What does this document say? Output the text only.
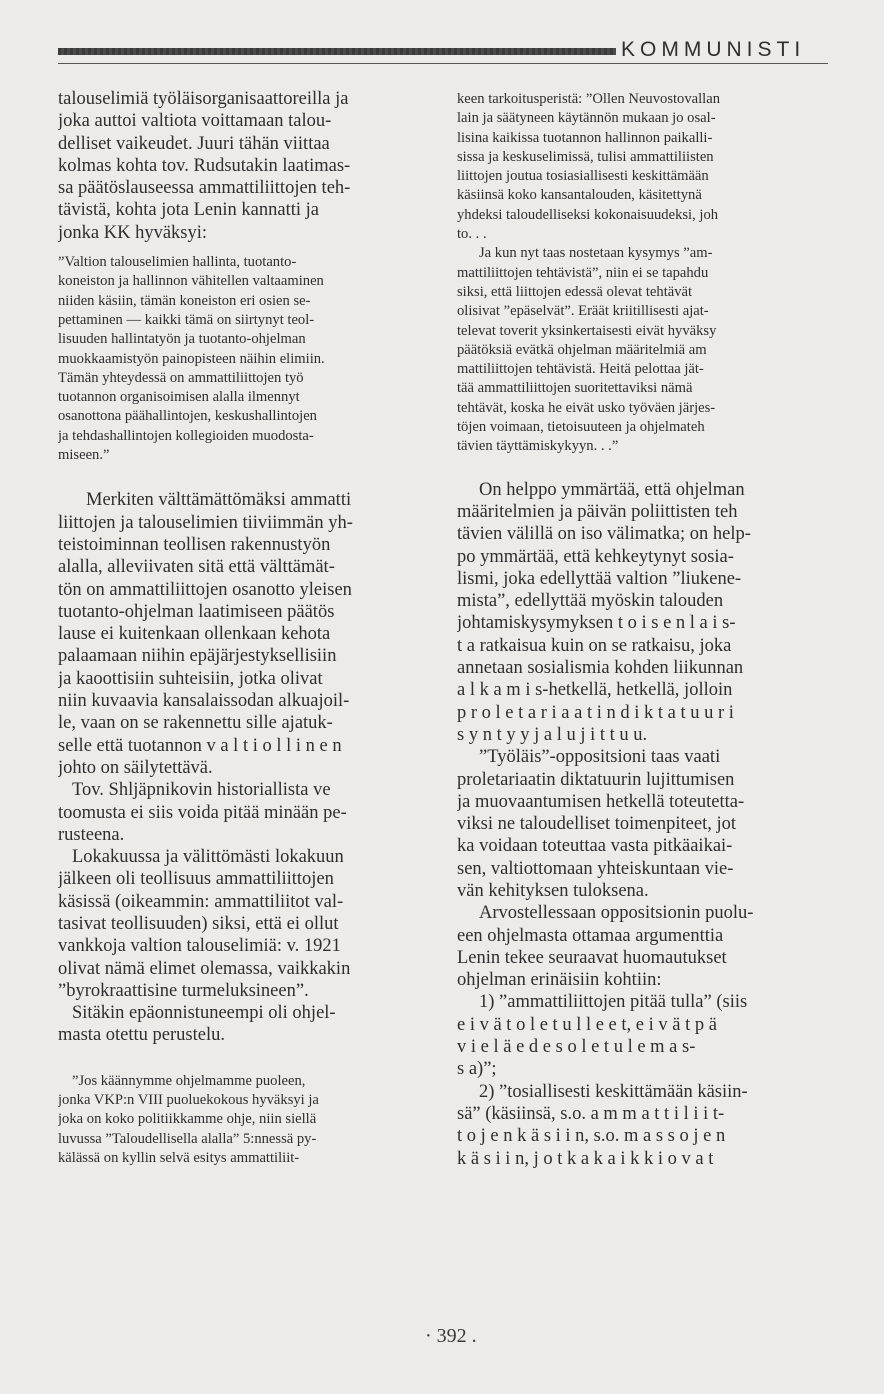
KOMMUNISTI
talouselimiä työläisorganisaattoreilla ja
joka auttoi valtiota voittamaan talou-
delliset vaikeudet. Juuri tähän viittaa
kolmas kohta tov. Rudsutakin laatimas-
sa päätöslauseessa ammattiliittojen teh-
tävistä, kohta jota Lenin kannatti ja
jonka KK hyväksyi:
”Valtion talouselimien hallinta, tuotanto-
koneiston ja hallinnon vähitellen valtaaminen
niiden käsiin, tämän koneiston eri osien se-
pettaminen — kaikki tämä on siirtynyt teol-
lisuuden hallintatyön ja tuotanto-ohjelman
muokkaamistyön painopisteen näihin elimiin.
Tämän yhteydessä on ammattiliittojen työ
tuotannon organisoimisen alalla ilmennyt
osanottona päähallintojen, keskushallintojen
ja tehdashallintojen kollegioiden muodosta-
miseen.”
Merkiten välttämättömäksi ammatti
liittojen ja talouselimien tiiviimmän yh-
teistoiminnan teollisen rakennustyön
alalla, alleviivaten sitä että välttämät-
tön on ammattiliittojen osanotto yleisen
tuotanto-ohjelman laatimiseen päätös
lause ei kuitenkaan ollenkaan kehota
palaamaan niihin epäjärjestyksellisiin
ja kaoottisiin suhteisiin, jotka olivat
niin kuvaavia kansalaissodan alkuajoil-
le, vaan on se rakennettu sille ajatuk-
selle että tuotannon v a l t i o l l i n e n
johto on säilytettävä.
Tov. Shljäpnikovin historiallista ve
toomusta ei siis voida pitää minään pe-
rusteena.
Lokakuussa ja välittömästi lokakuun
jälkeen oli teollisuus ammattiliittojen
käsissä (oikeammin: ammattiliitot val-
tasivat teollisuuden) siksi, että ei ollut
vankkoja valtion talouselimiä: v. 1921
olivat nämä elimet olemassa, vaikkakin
”byrokraattisine turmeluksineen”.
Sitäkin epäonnistuneempi oli ohjel-
masta otettu perustelu.
”Jos käännymme ohjelmamme puoleen,
jonka VKP:n VIII puoluekokous hyväksyi ja
joka on koko politiikkamme ohje, niin siellä
luvussa ”Taloudellisella alalla” 5:nnessä py-
kälässä on kyllin selvä esitys ammattiliit-
keen tarkoitusperistä: ”Ollen Neuvostovallan
lain ja säätyneen käytännön mukaan jo osal-
lisina kaikissa tuotannon hallinnon paikalli-
sissa ja keskuselimissä, tulisi ammattiliisten
liittojen joutua tosiasiallisesti keskittämään
käsiinsä koko kansantalouden, käsitettynä
yhdeksi taloudelliseksi kokonaisuudeksi, joh
to. . .
Ja kun nyt taas nostetaan kysymys ”am-
mattiliittojen tehtävistä”, niin ei se tapahdu
siksi, että liittojen edessä olevat tehtävät
olisivat ”epäselvät”. Eräät kriitillisesti ajat-
televat toverit yksinkertaisesti eivät hyväksy
päätöksiä evätkä ohjelman määritelmiä am
mattiliittojen tehtävistä. Heitä pelottaa jät-
tää ammattiliittojen suoritettaviksi nämä
tehtävät, koska he eivät usko työväen järjes-
töjen voimaan, tietoisuuteen ja ohjelmateh
tävien täyttämiskykyyn. . .”
On helppo ymmärtää, että ohjelman
määritelmien ja päivän poliittisten teh
tävien välillä on iso välimatka; on help-
po ymmärtää, että kehkeytynyt sosia-
lismi, joka edellyttää valtion ”liukene-
mista”, edellyttää myöskin talouden
johtamiskysymyksen t o i s e n l a i s-
t a ratkaisua kuin on se ratkaisu, joka
annetaan sosialismia kohden liikunnan
a l k a m i s-hetkellä, hetkellä, jolloin
p r o l e t a r i a a t i n d i k t a t u u r i
s y n t y y j a l u j i t t u u.
”Työläis”-oppositsioni taas vaati
proletariaatin diktatuurin lujittumisen
ja muovaantumisen hetkellä toteutetta-
viksi ne taloudelliset toimenpiteet, jot
ka voidaan toteuttaa vasta pitkäaikai-
sen, valtiottomaan yhteiskuntaan vie-
vän kehityksen tuloksena.
Arvostellessaan oppositsionin puolu-
een ohjelmasta ottamaa argumenttia
Lenin tekee seuraavat huomautukset
ohjelman erinäisiin kohtiin:
1) ”ammattiliittojen pitää tulla” (siis
e i v ä t o l e t u l l e e t, e i v ä t p ä
v i e l ä e d e s o l e t u l e m a s-
s a)”;
2) ”tosiallisesti keskittämään käsiin-
sä” (käsiinsä, s.o. a m m a t t i l i i t-
t o j e n k ä s i i n, s.o. m a s s o j e n
k ä s i i n, j o t k a k a i k k i o v a t
· 392 .
